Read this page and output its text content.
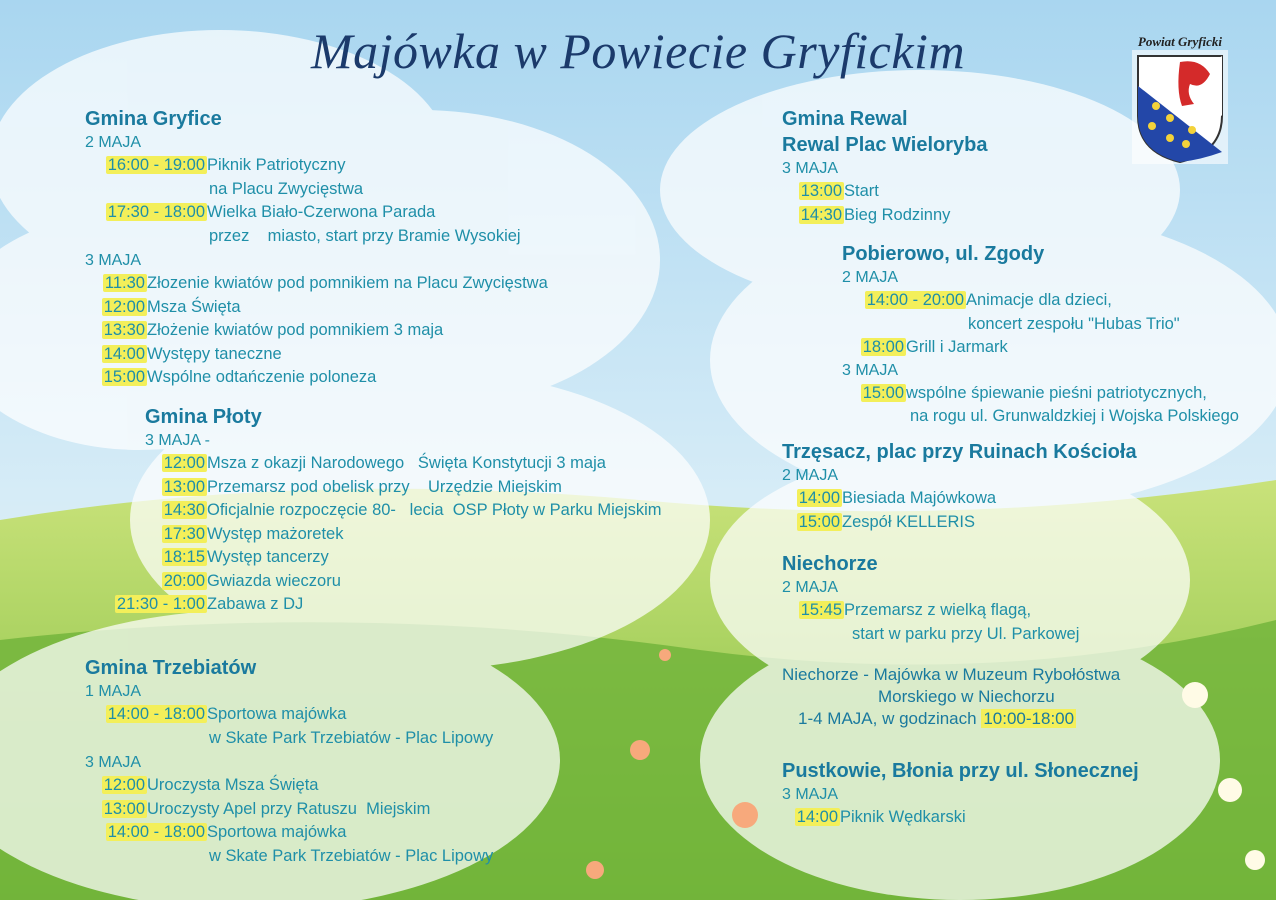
Majówka w Powiecie Gryfickim	Powiat Gryficki
Gmina Gryfice
2 MAJA
16:00 - 19:00 Piknik Patriotyczny
na Placu Zwycięstwa
17:30 - 18:00 Wielka Biało-Czerwona Parada
przez    miasto, start przy Bramie Wysokiej
3 MAJA
11:30 Złozenie kwiatów pod pomnikiem na Placu Zwycięstwa
12:00 Msza Święta
13:30 Złożenie kwiatów pod pomnikiem 3 maja
14:00 Występy taneczne
15:00 Wspólne odtańczenie poloneza
Gmina Płoty
3 MAJA -
12:00 Msza z okazji Narodowego   Święta Konstytucji 3 maja
13:00 Przemarsz pod obelisk przy    Urzędzie Miejskim
14:30 Oficjalnie rozpoczęcie 80-   lecia  OSP Płoty w Parku Miejskim
17:30 Występ mażoretek
18:15 Występ tancerzy
20:00 Gwiazda wieczoru
21:30 - 1:00 Zabawa z DJ
Gmina Trzebiatów
1 MAJA
14:00 - 18:00 Sportowa majówka
w Skate Park Trzebiatów - Plac Lipowy
3 MAJA
12:00 Uroczysta Msza Święta
13:00 Uroczysty Apel przy Ratuszu  Miejskim
14:00 - 18:00 Sportowa majówka
w Skate Park Trzebiatów - Plac Lipowy
Gmina Rewal
Rewal Plac Wieloryba
3 MAJA
13:00 Start
14:30 Bieg Rodzinny
Pobierowo, ul. Zgody
2 MAJA
14:00 - 20:00 Animacje dla dzieci,
koncert zespołu "Hubas Trio"
18:00 Grill i Jarmark
3 MAJA
15:00 wspólne śpiewanie pieśni patriotycznych,
na rogu ul. Grunwaldzkiej i Wojska Polskiego
Trzęsacz, plac przy Ruinach Kościoła
2 MAJA
14:00 Biesiada Majówkowa
15:00 Zespół KELLERIS
Niechorze
2 MAJA
15:45 Przemarsz z wielką flagą,
start w parku przy Ul. Parkowej
Niechorze - Majówka w Muzeum Rybołóstwa
Morskiego w Niechorzu
1-4 MAJA, w godzinach 10:00-18:00
Pustkowie, Błonia przy ul. Słonecznej
3 MAJA
14:00 Piknik Wędkarski
